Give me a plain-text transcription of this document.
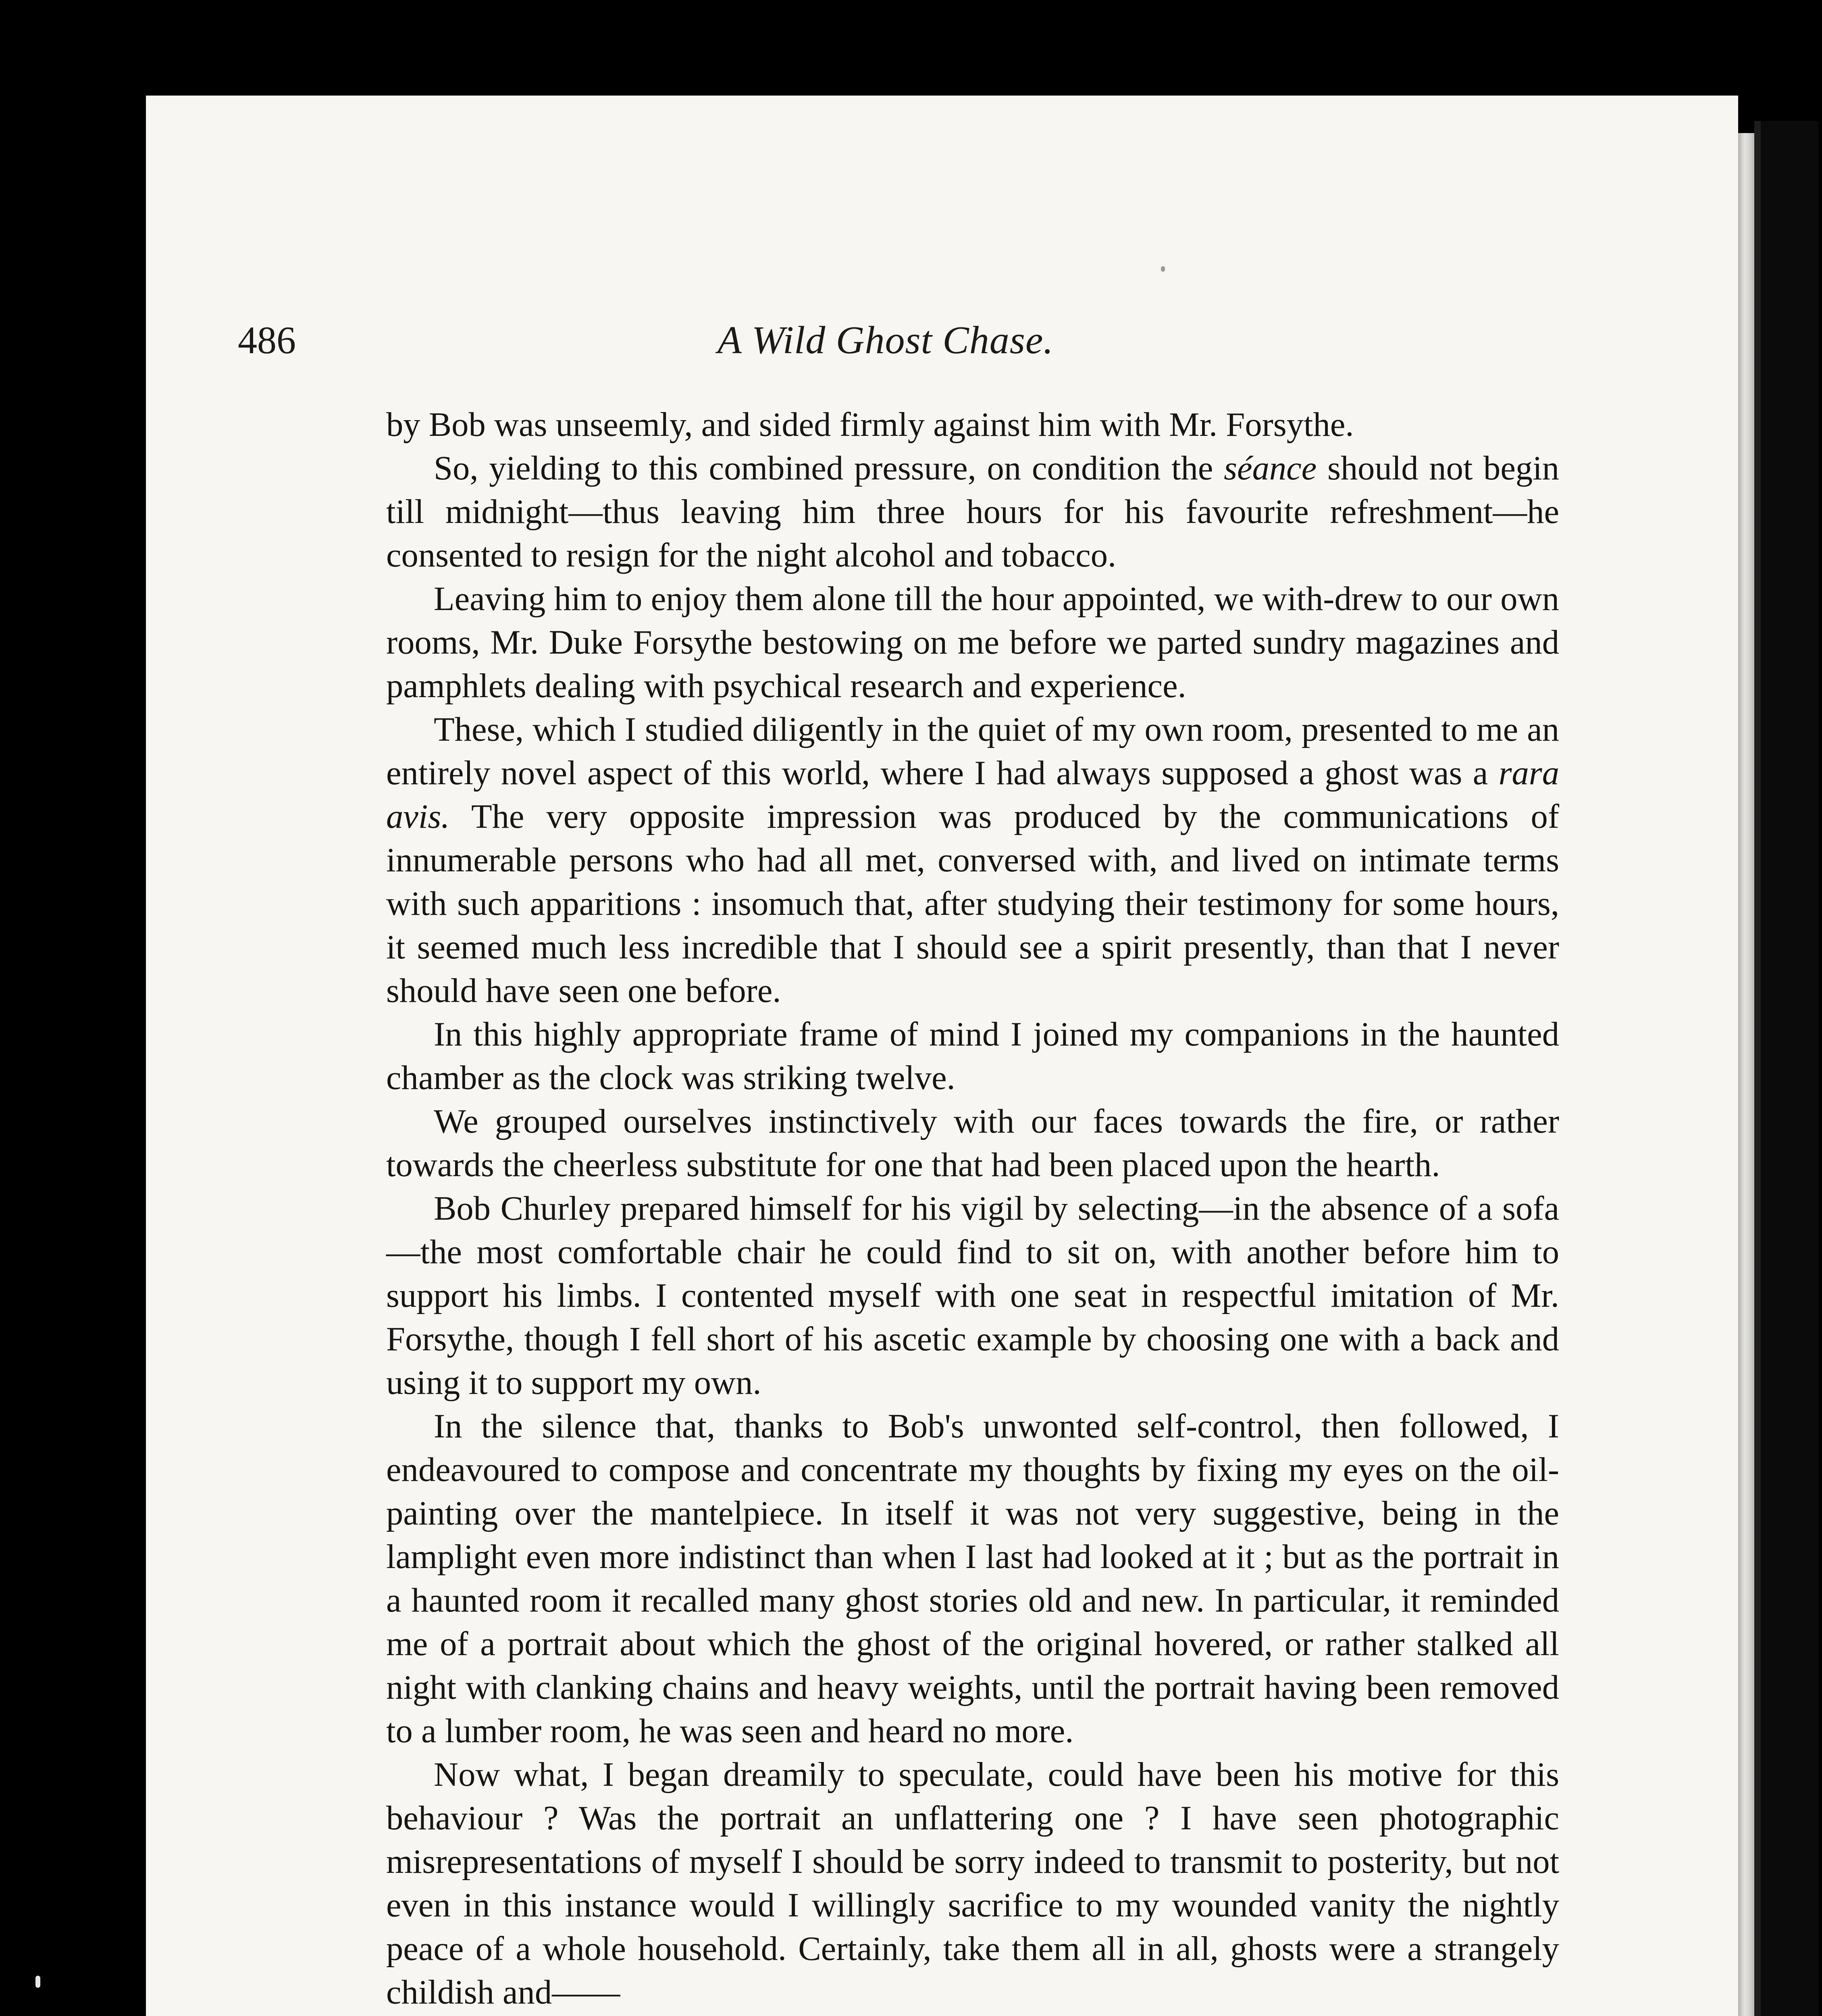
486	A Wild Ghost Chase.

by Bob was unseemly, and sided firmly against him with Mr. Forsythe.

So, yielding to this combined pressure, on condition the séance should not begin till midnight—thus leaving him three hours for his favourite refreshment—he consented to resign for the night alcohol and tobacco.

Leaving him to enjoy them alone till the hour appointed, we with-drew to our own rooms, Mr. Duke Forsythe bestowing on me before we parted sundry magazines and pamphlets dealing with psychical research and experience.

These, which I studied diligently in the quiet of my own room, presented to me an entirely novel aspect of this world, where I had always supposed a ghost was a rara avis. The very opposite impression was produced by the communications of innumerable persons who had all met, conversed with, and lived on intimate terms with such apparitions : insomuch that, after studying their testimony for some hours, it seemed much less incredible that I should see a spirit presently, than that I never should have seen one before.

In this highly appropriate frame of mind I joined my companions in the haunted chamber as the clock was striking twelve.

We grouped ourselves instinctively with our faces towards the fire, or rather towards the cheerless substitute for one that had been placed upon the hearth.

Bob Churley prepared himself for his vigil by selecting—in the absence of a sofa—the most comfortable chair he could find to sit on, with another before him to support his limbs. I contented myself with one seat in respectful imitation of Mr. Forsythe, though I fell short of his ascetic example by choosing one with a back and using it to support my own.

In the silence that, thanks to Bob's unwonted self-control, then followed, I endeavoured to compose and concentrate my thoughts by fixing my eyes on the oil-painting over the mantelpiece. In itself it was not very suggestive, being in the lamplight even more indistinct than when I last had looked at it ; but as the portrait in a haunted room it recalled many ghost stories old and new. In particular, it reminded me of a portrait about which the ghost of the original hovered, or rather stalked all night with clanking chains and heavy weights, until the portrait having been removed to a lumber room, he was seen and heard no more.

Now what, I began dreamily to speculate, could have been his motive for this behaviour ? Was the portrait an unflattering one ? I have seen photographic misrepresentations of myself I should be sorry indeed to transmit to posterity, but not even in this instance would I willingly sacrifice to my wounded vanity the nightly peace of a whole household. Certainly, take them all in all, ghosts were a strangely childish and——
